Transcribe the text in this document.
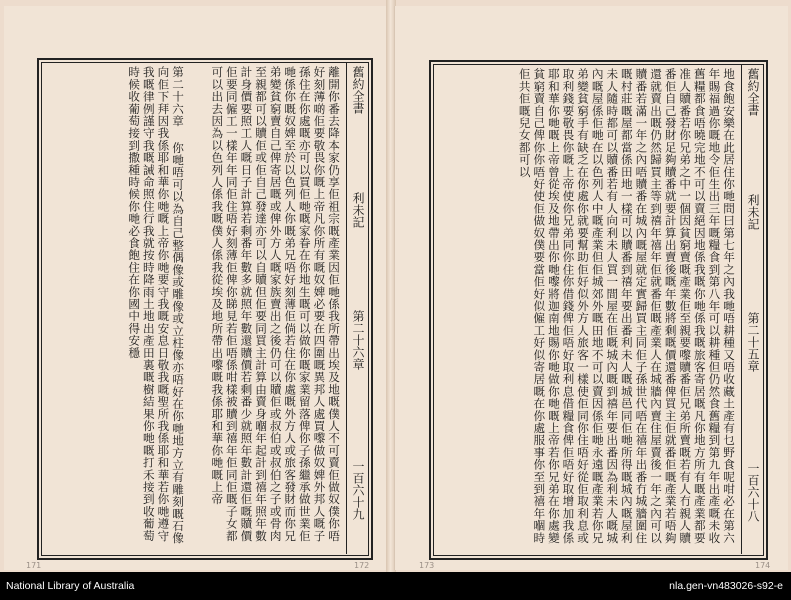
舊約全書
利未記
第二十六章
一百六十九
離開你番去降本家仍享佢祖宗嘅產業因佢哋係我所帶出埃及地嘅僕人不可賣佢做奴僕你唔好刻薄啲佢要敬畏你嘅上帝凡你所有嘅奴婢必要在四圍嘅異邦人處買嚟做奴婢外邦人嘅子孫住在你處嘅亦可以買佢哋嘅家眷在你地生嘅可以做你嘅家業留落俾你子孫繼承做世業佢哋係你嘅奴婢至於以色列人你嘅弟兄唔好刻薄佢倘若住在你處嘅外方人或旅客發財而你兄弟變貧窮賣自己俾寄居嘅或俾外方人嘅家族賣出之後仍可以贖佢或叔伯或叔伯之子或骨肉至親都可以贖佢或佢自己發達亦可以自贖但佢要同買主計算由賣身嗰年起計到禧年照年數計身價要照工人嘅日子計算若剩番年數多就照年數還贖價若剩番少就照年數計還佢嘅贖價佢要同僱工一樣年年同佢住唔好刻薄佢俾你睇見若佢唔係咁樣被贖到禧年佢同佢嘅子女都可以出去因為以色列人係我嘅僕人係我從埃及地所帶出嚟嘅我係耶和華你哋嘅上帝
第二十六章 你哋唔可以為自己整偶像或雕像或立柱像亦唔好在你哋地方立有雕刻嘅石像向佢下拜因我係耶和華你哋嘅上帝你哋要守我嘅安息日敬我嘅聖所我係耶和華若你哋遵守我嘅律例謹守我嘅誡命照住行我就按時降雨土地出產田裏嘅樹結果你哋嘅打禾接到收葡萄時候收葡萄接到撒種時候你哋必食飽住在你國中得安穩
171	172
舊約全書
利未記
第二十五章
一百六十八
地食飽安樂在此居住你哋問曰第七年之內我哋唔耕種又唔收藏土產有乜野食呢咁必在第六年賜福過你嘅地令佢生出三年嘅糧食到第八年可以耕種但仍然食舊糧到第九年出產嘅未收舊糧都食唔曉完地不可以賣絕因地係我嘅你哋係我嘅旅客寄居嘅凡你地方所有嘅產業都要准人贖番若你兄弟之中一個因貧窮賣嘅產業佢至親要嚟贖番佢兄弟所賣嘅若有人冇親人贖番佢自己發財足夠贖番就要計算出賣後嘅年數將剩嘅價還番俾買主佢就番佢嘅產業若唔夠還就賣出嘅仍然歸買主等到禧年禧年佢就番佢嘅產業人在城牆內賣住屋賣後一年之內可以贖番若滿一年之內唔贖番在城內嘅屋就定實歸買主同佢子孫世代唔在禧年出番冇城牆圍住嘅村莊嘅屋都當係田地一樣可以贖番到禧年要出番利未人嘅城邑同佢哋所得嘅城內嘅屋利未人隨時都可以贖番若有人向利未人買一間屋在佢嘅城內嘅到禧年要出番因為利未人嘅城內嘅屋係佢哋在以色列人中嘅產業但佢城郊外嘅田地不可以賣因係佢哋永遠嘅產業若你兄弟變貧窮手有缺乏在你處你就要幫助佢好似外方人旅客一樣使佢同你住唔好從佢取利息或取利錢要敬畏你嘅上帝使你兄弟同你住你借錢俾佢唔好取利息借糧食俾佢唔好取增加我係耶和華你哋嘅上帝曾從埃及地帶出你哋嚟將迦南地賜你哋做你哋嘅上帝若你兄弟在你處變貧窮賣自己俾你你唔好使佢做奴僕要當佢好似僱工好似寄居嘅在你處服事你至到禧年嗰時佢共佢嘅兒女都可以
173	174
National Library of Australia	nla.gen-vn483026-s92-e
